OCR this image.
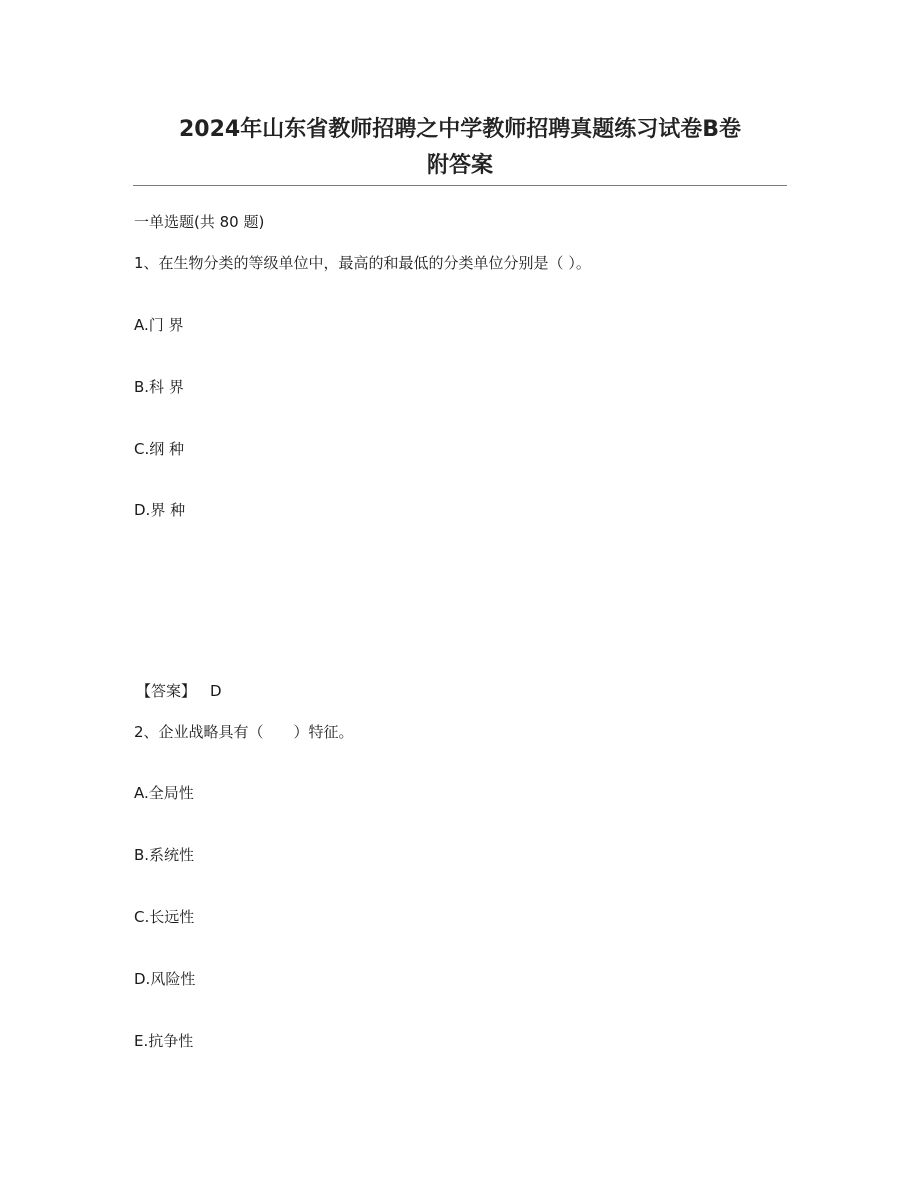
2024年山东省教师招聘之中学教师招聘真题练习试卷B卷
附答案
一单选题(共 80 题)
1、在生物分类的等级单位中，最高的和最低的分类单位分别是（ ）。
A.门 界
B.科 界
C.纲 种
D.界 种
【答案】 D
2、企业战略具有（　　）特征。
A.全局性
B.系统性
C.长远性
D.风险性
E.抗争性
